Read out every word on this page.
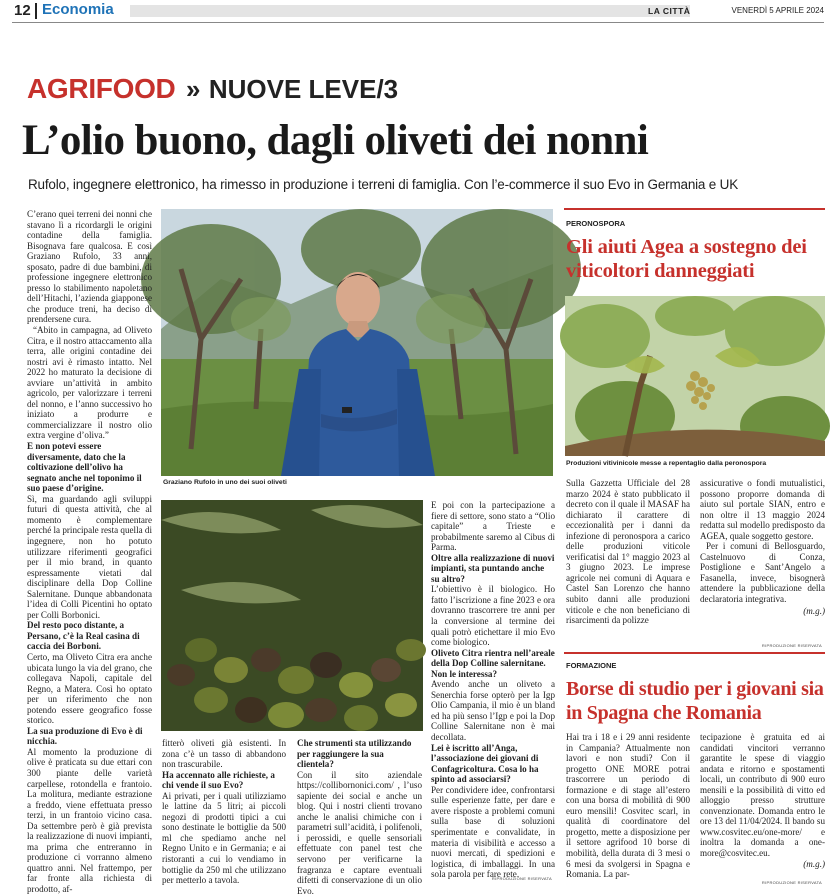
12 Economia	LA CITTÀ	VENERDÌ 5 APRILE 2024
AGRIFOOD » NUOVE LEVE/3
L’olio buono, dagli oliveti dei nonni
Rufolo, ingegnere elettronico, ha rimesso in produzione i terreni di famiglia. Con l’e-commerce il suo Evo in Germania e UK
Graziano Rufolo in uno dei suoi oliveti

C’erano quei terreni dei nonni che stavano lì a ricordargli le origini contadine della famiglia. Bisognava fare qualcosa. E così Graziano Rufolo, 33 anni, sposato, padre di due bambini, di professione ingegnere elettronico presso lo stabilimento napoletano dell’Hitachi, l’azienda giapponese che produce treni, ha deciso di prendersene cura.

“Abito in campagna, ad Oliveto Citra, e il nostro attaccamento alla terra, alle origini contadine dei nostri avi è rimasto intatto. Nel 2022 ho maturato la decisione di avviare un’attività in ambito agricolo, per valorizzare i terreni del nonno, e l’anno successivo ho iniziato a produrre e commercializzare il nostro olio extra vergine d’oliva.”

E non potevi essere diversamente, dato che la coltivazione dell’olivo ha segnato anche nel toponimo il suo paese d’origine.

Sì, ma guardando agli sviluppi futuri di questa attività, che al momento è complementare perché la principale resta quella di ingegnere, non ho potuto utilizzare riferimenti geografici per il mio brand, in quanto espressamente vietati dal disciplinare della Dop Colline Salernitane. Dunque abbandonata l’idea di Colli Picentini ho optato per Colli Borbonici.

Del resto poco distante, a Persano, c’è la Real casina di caccia dei Borboni.

Certo, ma Oliveto Citra era anche ubicata lungo la via del grano, che collegava Napoli, capitale del Regno, a Matera. Così ho optato per un riferimento che non potendo essere geografico fosse storico.

La sua produzione di Evo è di nicchia.

Al momento la produzione di olive è praticata su due ettari con 300 piante delle varietà carpellese, rotondella e frantoio. La molitura, mediante estrazione a freddo, viene effettuata presso terzi, in un frantoio vicino casa. Da settembre però è già prevista la realizzazione di nuovi impianti, ma prima che entreranno in produzione ci vorranno almeno quattro anni. Nel frattempo, per far fronte alla richiesta di prodotto, af-

fitterò oliveti già esistenti. In zona c’è un tasso di abbandono non trascurabile.

Ha accennato alle richieste, a chi vende il suo Evo?

Ai privati, per i quali utilizziamo le lattine da 5 litri; ai piccoli negozi di prodotti tipici a cui sono destinate le bottiglie da 500 ml che spediamo anche nel Regno Unito e in Germania; e ai ristoranti a cui lo vendiamo in bottiglie da 250 ml che utilizzano per metterlo a tavola.

Che strumenti sta utilizzando per raggiungere la sua clientela?

Con il sito aziendale https://collibornonici.com/ , l’uso sapiente dei social e anche un blog. Qui i nostri clienti trovano anche le analisi chimiche con i parametri sull’acidità, i polifenoli, i perossidi, e quelle sensoriali effettuate con panel test che servono per verificarne la fragranza e captare eventuali difetti di conservazione di un olio Evo.

E poi con la partecipazione a fiere di settore, sono stato a “Olio capitale” a Trieste e probabilmente saremo al Cibus di Parma.

Oltre alla realizzazione di nuovi impianti, sta puntando anche su altro?

L’obiettivo è il biologico. Ho fatto l’iscrizione a fine 2023 e ora dovranno trascorrere tre anni per la conversione al termine dei quali potrò etichettare il mio Evo come biologico.

Oliveto Citra rientra nell’areale della Dop Colline salernitane. Non le interessa?

Avendo anche un oliveto a Senerchia forse opterò per la Igp Olio Campania, il mio è un bland ed ha più senso l’Igp e poi la Dop Colline Salernitane non è mai decollata.

Lei è iscritto all’Anga, l’associazione dei giovani di Confagricoltura. Cosa lo ha spinto ad associarsi?

Per condividere idee, confrontarsi sulle esperienze fatte, per dare e avere risposte a problemi comuni sulla base di soluzioni sperimentate e convalidate, in materia di visibilità e accesso a nuovi mercati, di spedizioni e logistica, di imballaggi. In una sola parola per fare rete.

RIPRODUZIONE RISERVATA
PERONOSPORA
Gli aiuti Agea a sostegno dei viticoltori danneggiati
Produzioni vitivinicole messe a repentaglio dalla peronospora

Sulla Gazzetta Ufficiale del 28 marzo 2024 è stato pubblicato il decreto con il quale il MASAF ha dichiarato il carattere di eccezionalità per i danni da infezione di peronospora a carico delle produzioni viticole verificatisi dal 1° maggio 2023 al 3 giugno 2023. Le imprese agricole nei comuni di Aquara e Castel San Lorenzo che hanno subito danni alle produzioni viticole e che non beneficiano di risarcimenti da polizze

assicurative o fondi mutualistici, possono proporre domanda di aiuto sul portale SIAN, entro e non oltre il 13 maggio 2024 redatta sul modello predisposto da AGEA, quale soggetto gestore.

Per i comuni di Bellosguardo, Castelnuovo di Conza, Postiglione e Sant’Angelo a Fasanella, invece, bisognerà attendere la pubblicazione della declaratoria integrativa.

(m.g.)

RIPRODUZIONE RISERVATA
FORMAZIONE
Borse di studio per i giovani sia in Spagna che Romania

Hai tra i 18 e i 29 anni residente in Campania? Attualmente non lavori e non studi? Con il progetto ONE MORE potrai trascorrere un periodo di formazione e di stage all’estero con una borsa di mobilità di 900 euro mensili! Cosvitec scarl, in qualità di coordinatore del progetto, mette a disposizione per il settore agrifood 10 borse di mobilità, della durata di 3 mesi o 6 mesi da svolgersi in Spagna e Romania. La par-

tecipazione è gratuita ed ai candidati vincitori verranno garantite le spese di viaggio andata e ritorno e spostamenti locali, un contributo di 900 euro mensili e la possibilità di vitto ed alloggio presso strutture convenzionate. Domanda entro le ore 13 del 11/04/2024. Il bando su www.cosvitec.eu/one-more/ e inoltra la domanda a one-more@cosvitec.eu.

(m.g.)

RIPRODUZIONE RISERVATA
